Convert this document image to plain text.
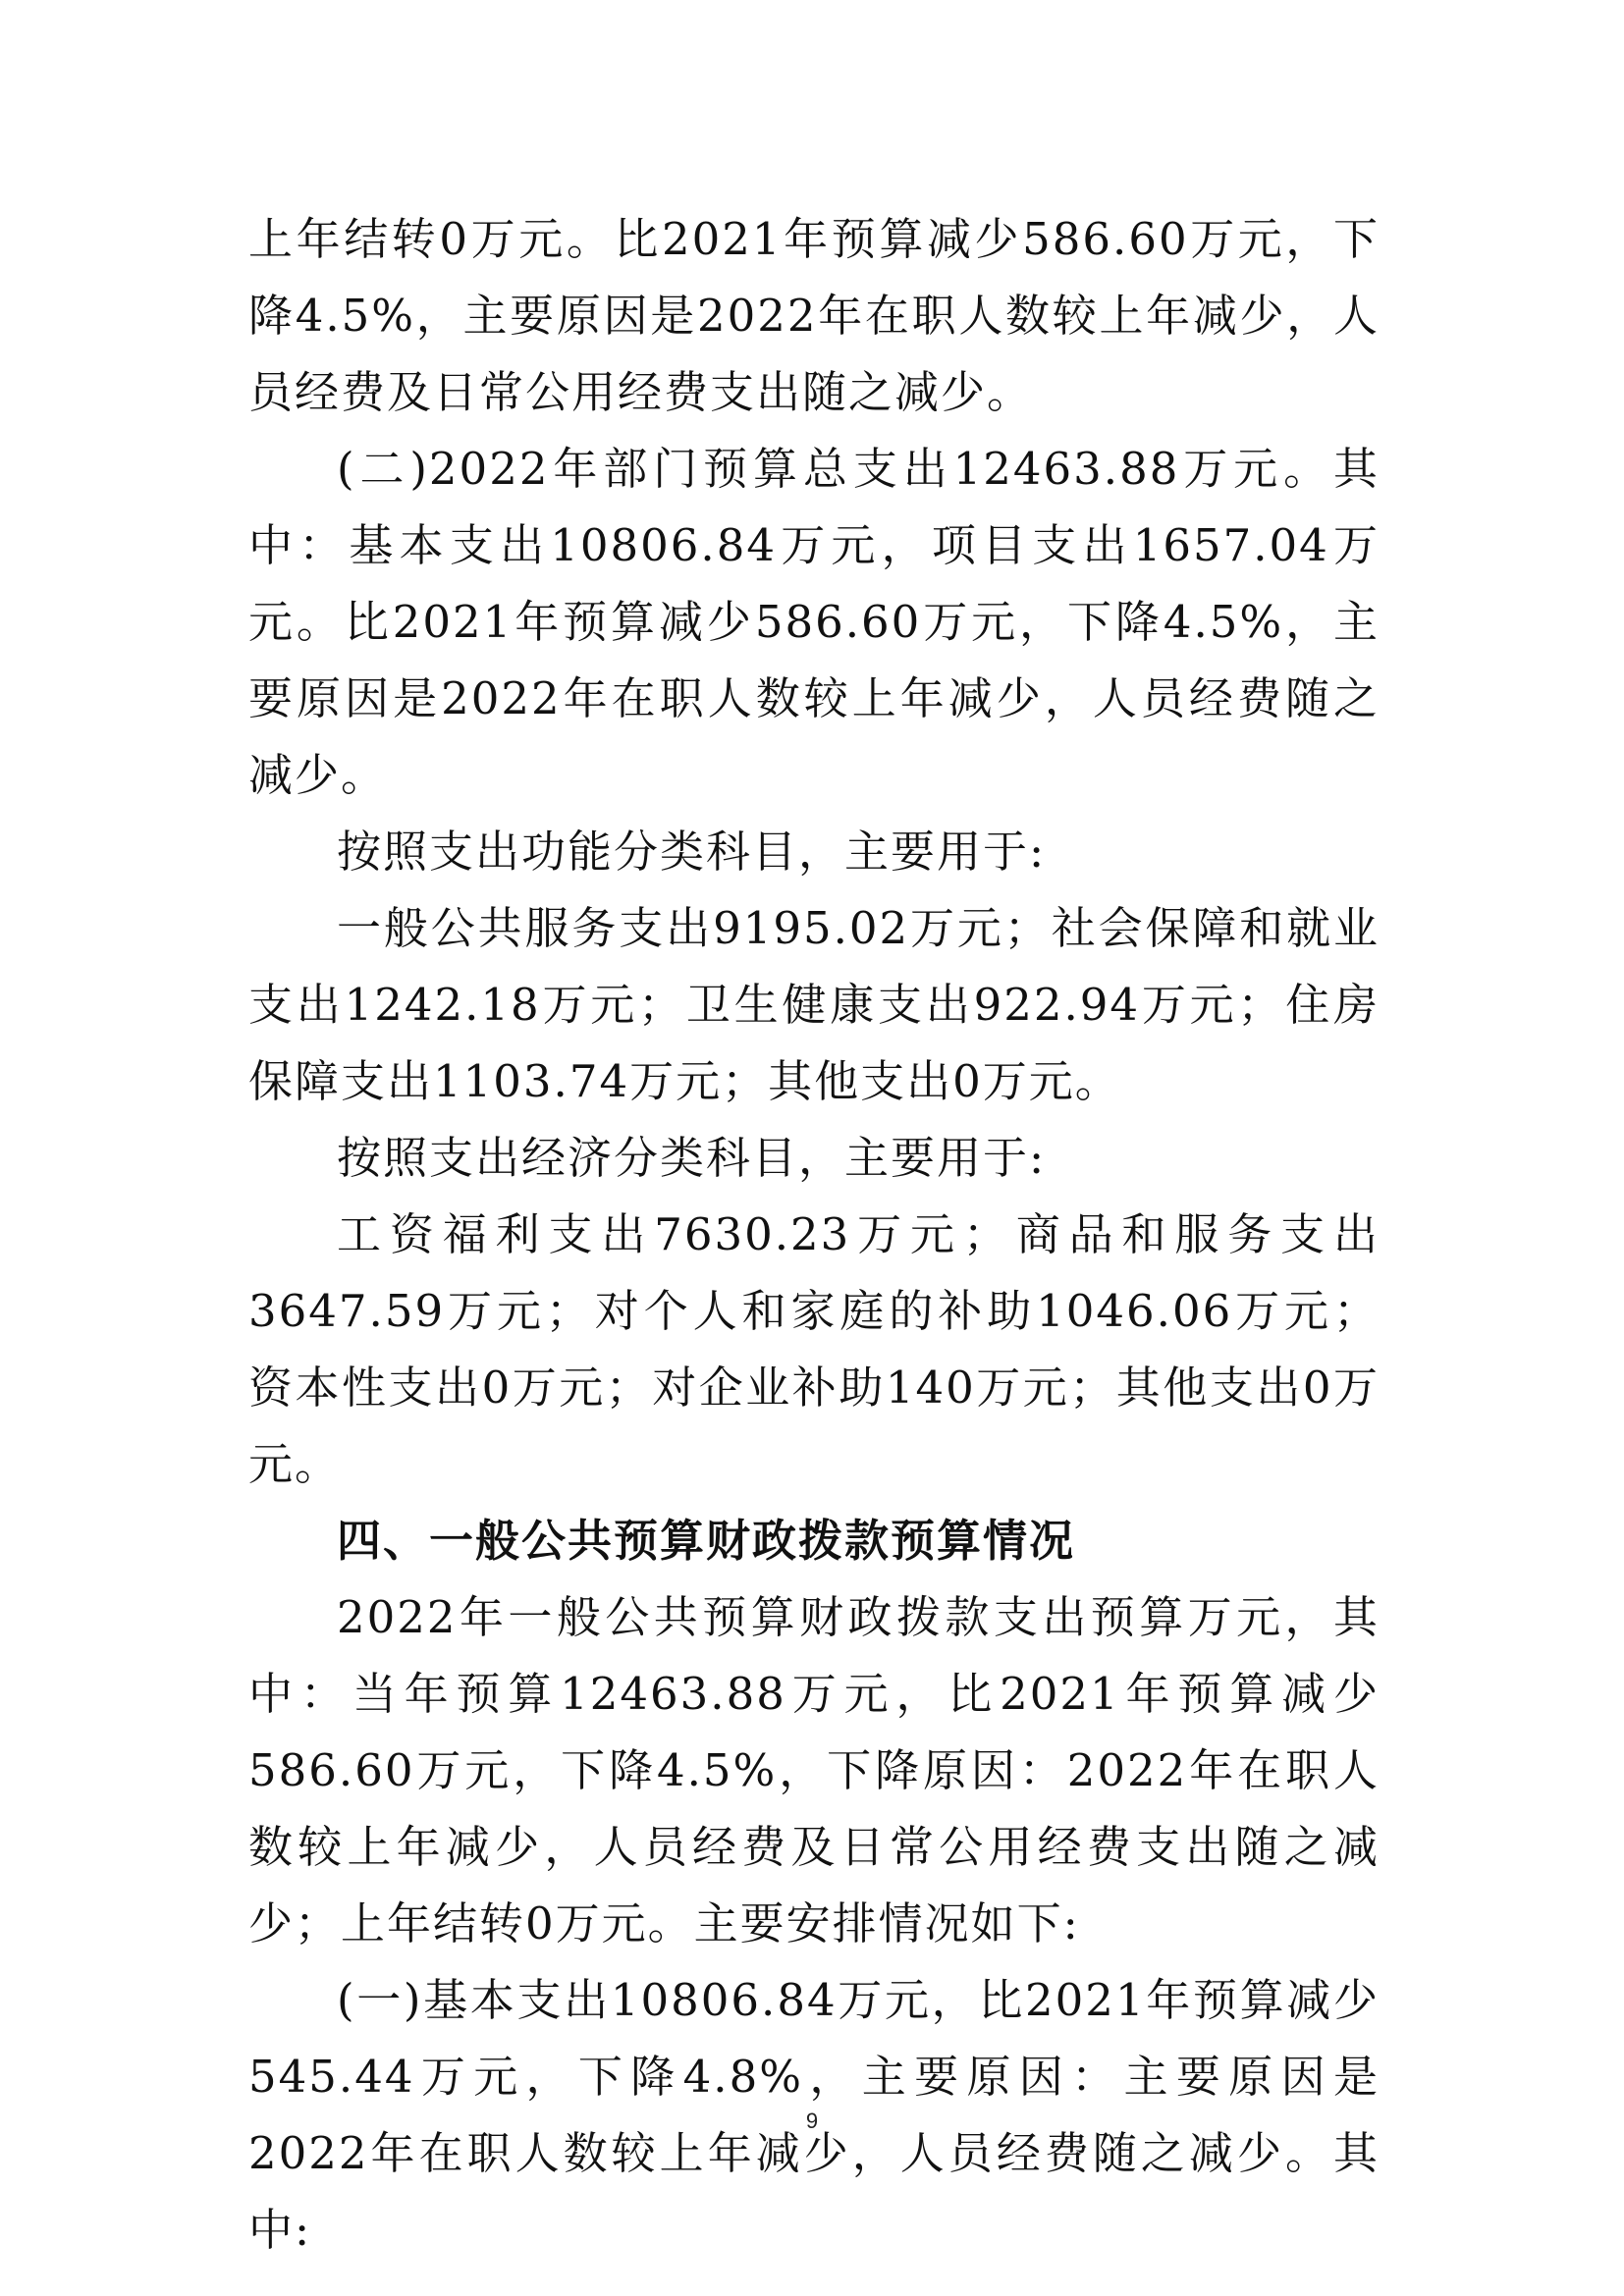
上年结转0万元。比2021年预算减少586.60万元，下降4.5%，主要原因是2022年在职人数较上年减少，人员经费及日常公用经费支出随之减少。

(二)2022年部门预算总支出12463.88万元。其中：基本支出10806.84万元，项目支出1657.04万元。比2021年预算减少586.60万元，下降4.5%，主要原因是2022年在职人数较上年减少，人员经费随之减少。

按照支出功能分类科目，主要用于:

一般公共服务支出9195.02万元；社会保障和就业支出1242.18万元；卫生健康支出922.94万元；住房保障支出1103.74万元；其他支出0万元。

按照支出经济分类科目，主要用于:

工资福利支出7630.23万元；商品和服务支出3647.59万元；对个人和家庭的补助1046.06万元；资本性支出0万元；对企业补助140万元；其他支出0万元。

四、一般公共预算财政拨款预算情况

2022年一般公共预算财政拨款支出预算万元，其中：当年预算12463.88万元，比2021年预算减少586.60万元，下降4.5%，下降原因：2022年在职人数较上年减少，人员经费及日常公用经费支出随之减少；上年结转0万元。主要安排情况如下:

(一)基本支出10806.84万元，比2021年预算减少545.44万元，下降4.8%，主要原因：主要原因是2022年在职人数较上年减少，人员经费随之减少。其中:

9
